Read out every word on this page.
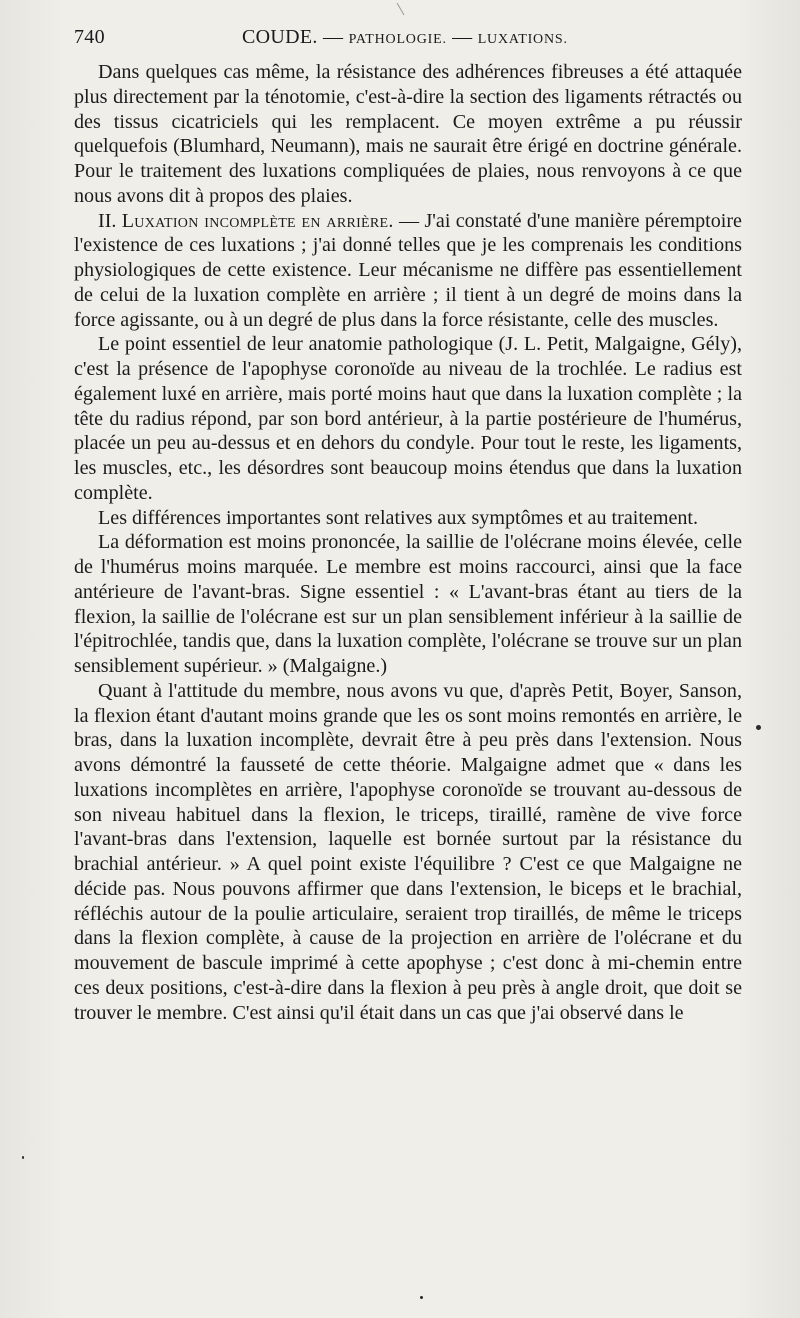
740	COUDE. — PATHOLOGIE. — LUXATIONS.

Dans quelques cas même, la résistance des adhérences fibreuses a été attaquée plus directement par la ténotomie, c'est-à-dire la section des ligaments rétractés ou des tissus cicatriciels qui les remplacent. Ce moyen extrême a pu réussir quelquefois (Blumhard, Neumann), mais ne saurait être érigé en doctrine générale. Pour le traitement des luxations compliquées de plaies, nous renvoyons à ce que nous avons dit à propos des plaies.

II. Luxation incomplète en arrière. — J'ai constaté d'une manière péremptoire l'existence de ces luxations ; j'ai donné telles que je les comprenais les conditions physiologiques de cette existence. Leur mécanisme ne diffère pas essentiellement de celui de la luxation complète en arrière ; il tient à un degré de moins dans la force agissante, ou à un degré de plus dans la force résistante, celle des muscles.

Le point essentiel de leur anatomie pathologique (J. L. Petit, Malgaigne, Gély), c'est la présence de l'apophyse coronoïde au niveau de la trochlée. Le radius est également luxé en arrière, mais porté moins haut que dans la luxation complète ; la tête du radius répond, par son bord antérieur, à la partie postérieure de l'humérus, placée un peu au-dessus et en dehors du condyle. Pour tout le reste, les ligaments, les muscles, etc., les désordres sont beaucoup moins étendus que dans la luxation complète.

Les différences importantes sont relatives aux symptômes et au traitement.

La déformation est moins prononcée, la saillie de l'olécrane moins élevée, celle de l'humérus moins marquée. Le membre est moins raccourci, ainsi que la face antérieure de l'avant-bras. Signe essentiel : « L'avant-bras étant au tiers de la flexion, la saillie de l'olécrane est sur un plan sensiblement inférieur à la saillie de l'épitrochlée, tandis que, dans la luxation complète, l'olécrane se trouve sur un plan sensiblement supérieur. » (Malgaigne.)

Quant à l'attitude du membre, nous avons vu que, d'après Petit, Boyer, Sanson, la flexion étant d'autant moins grande que les os sont moins remontés en arrière, le bras, dans la luxation incomplète, devrait être à peu près dans l'extension. Nous avons démontré la fausseté de cette théorie. Malgaigne admet que « dans les luxations incomplètes en arrière, l'apophyse coronoïde se trouvant au-dessous de son niveau habituel dans la flexion, le triceps, tiraillé, ramène de vive force l'avant-bras dans l'extension, laquelle est bornée surtout par la résistance du brachial antérieur. » A quel point existe l'équilibre ? C'est ce que Malgaigne ne décide pas. Nous pouvons affirmer que dans l'extension, le biceps et le brachial, réfléchis autour de la poulie articulaire, seraient trop tiraillés, de même le triceps dans la flexion complète, à cause de la projection en arrière de l'olécrane et du mouvement de bascule imprimé à cette apophyse ; c'est donc à mi-chemin entre ces deux positions, c'est-à-dire dans la flexion à peu près à angle droit, que doit se trouver le membre. C'est ainsi qu'il était dans un cas que j'ai observé dans le
